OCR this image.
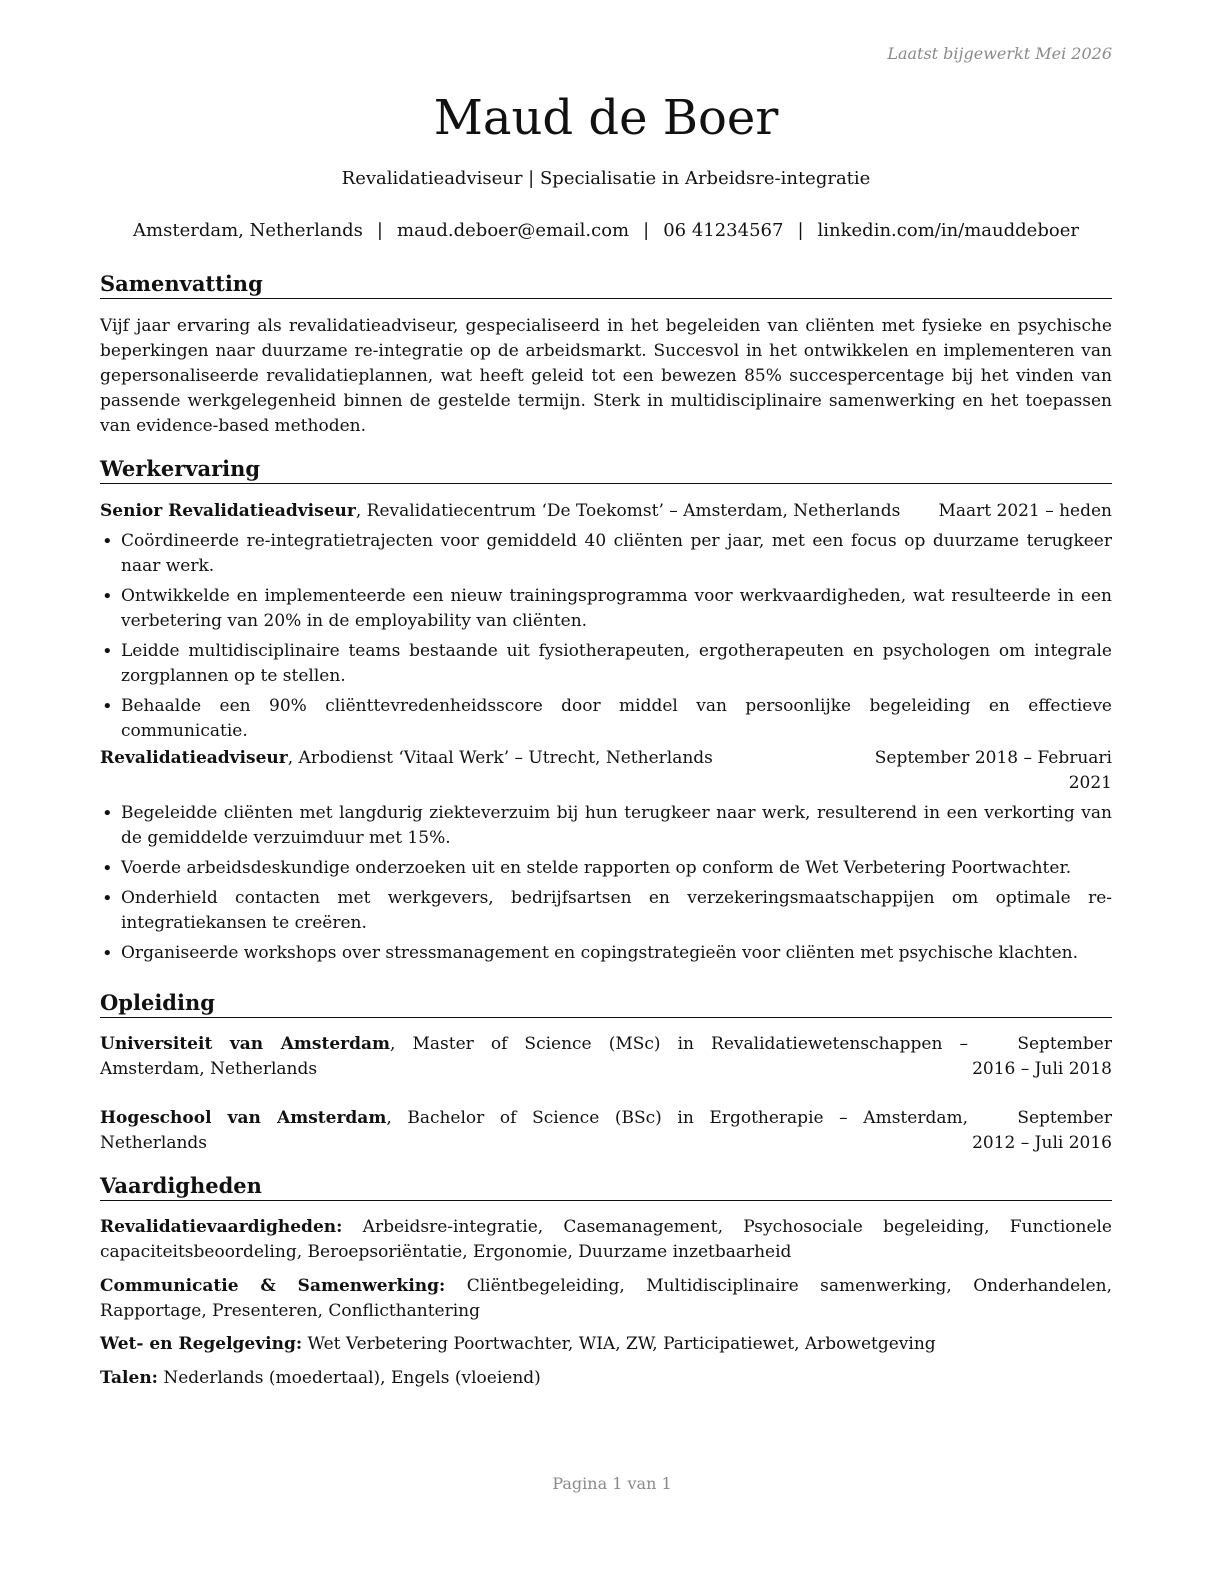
Laatst bijgewerkt Mei 2026
Maud de Boer
Revalidatieadviseur | Specialisatie in Arbeidsre-integratie
Amsterdam, Netherlands | maud.deboer@email.com | 06 41234567 | linkedin.com/in/mauddeboer
Samenvatting

Vijf jaar ervaring als revalidatieadviseur, gespecialiseerd in het begeleiden van cliënten met fysieke en psychische beperkingen naar duurzame re-integratie op de arbeidsmarkt. Succesvol in het ontwikkelen en implementeren van gepersonaliseerde revalidatieplannen, wat heeft geleid tot een bewezen 85% succespercentage bij het vinden van passende werkgelegenheid binnen de gestelde termijn. Sterk in multidisciplinaire samenwerking en het toepassen van evidence-based methoden.

Werkervaring
Senior Revalidatieadviseur, Revalidatiecentrum ‘De Toekomst’ – Amsterdam, Netherlands	Maart 2021 – heden
• Coördineerde re-integratietrajecten voor gemiddeld 40 cliënten per jaar, met een focus op duurzame terugkeer naar werk.
• Ontwikkelde en implementeerde een nieuw trainingsprogramma voor werkvaardigheden, wat resulteerde in een verbetering van 20% in de employability van cliënten.
• Leidde multidisciplinaire teams bestaande uit fysiotherapeuten, ergotherapeuten en psychologen om integrale zorgplannen op te stellen.
• Behaalde een 90% cliënttevredenheidsscore door middel van persoonlijke begeleiding en effectieve communicatie.
Revalidatieadviseur, Arbodienst ‘Vitaal Werk’ – Utrecht, Netherlands	September 2018 – Februari 2021
• Begeleidde cliënten met langdurig ziekteverzuim bij hun terugkeer naar werk, resulterend in een verkorting van de gemiddelde verzuimduur met 15%.
• Voerde arbeidsdeskundige onderzoeken uit en stelde rapporten op conform de Wet Verbetering Poortwachter.
• Onderhield contacten met werkgevers, bedrijfsartsen en verzekeringsmaatschappijen om optimale re-integratiekansen te creëren.
• Organiseerde workshops over stressmanagement en copingstrategieën voor cliënten met psychische klachten.
Opleiding
Universiteit van Amsterdam, Master of Science (MSc) in Revalidatiewetenschappen – Amsterdam, Netherlands
September 2016 – Juli 2018
Hogeschool van Amsterdam, Bachelor of Science (BSc) in Ergotherapie – Amsterdam, Netherlands
September 2012 – Juli 2016
Vaardigheden
Revalidatievaardigheden: Arbeidsre-integratie, Casemanagement, Psychosociale begeleiding, Functionele capaciteitsbeoordeling, Beroepsoriëntatie, Ergonomie, Duurzame inzetbaarheid
Communicatie & Samenwerking: Cliëntbegeleiding, Multidisciplinaire samenwerking, Onderhandelen, Rapportage, Presenteren, Conflicthantering
Wet- en Regelgeving: Wet Verbetering Poortwachter, WIA, ZW, Participatiewet, Arbowetgeving
Talen: Nederlands (moedertaal), Engels (vloeiend)
Pagina 1 van 1
